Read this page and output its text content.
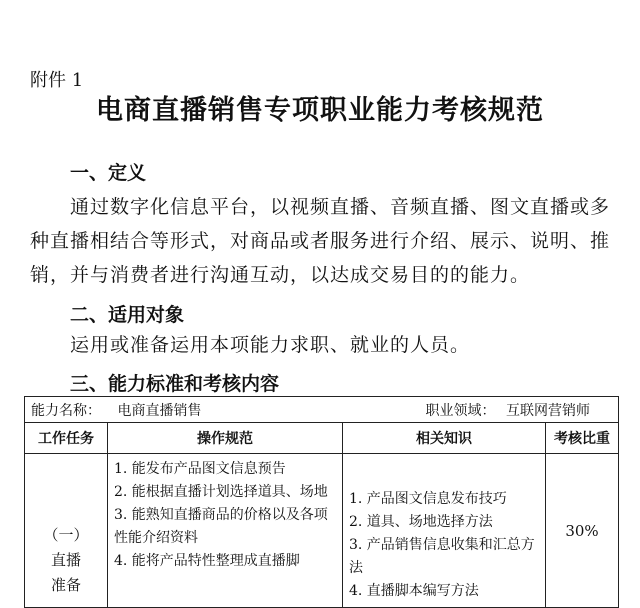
附件 1
电商直播销售专项职业能力考核规范
一、定义
通过数字化信息平台，以视频直播、音频直播、图文直播或多
种直播相结合等形式，对商品或者服务进行介绍、展示、说明、推
销，并与消费者进行沟通互动，以达成交易目的的能力。
二、适用对象
运用或准备运用本项能力求职、就业的人员。
三、能力标准和考核内容
能力名称： 电商直播销售 职业领域： 互联网营销师			

工作任务	操作规范	相关知识	考核比重

（一）
直播
准备	1. 能发布产品图文信息预告
2. 能根据直播计划选择道具、场地
3. 能熟知直播商品的价格以及各项性能介绍资料
4. 能将产品特性整理成直播脚	1. 产品图文信息发布技巧
2. 道具、场地选择方法
3. 产品销售信息收集和汇总方法
4. 直播脚本编写方法	30%
